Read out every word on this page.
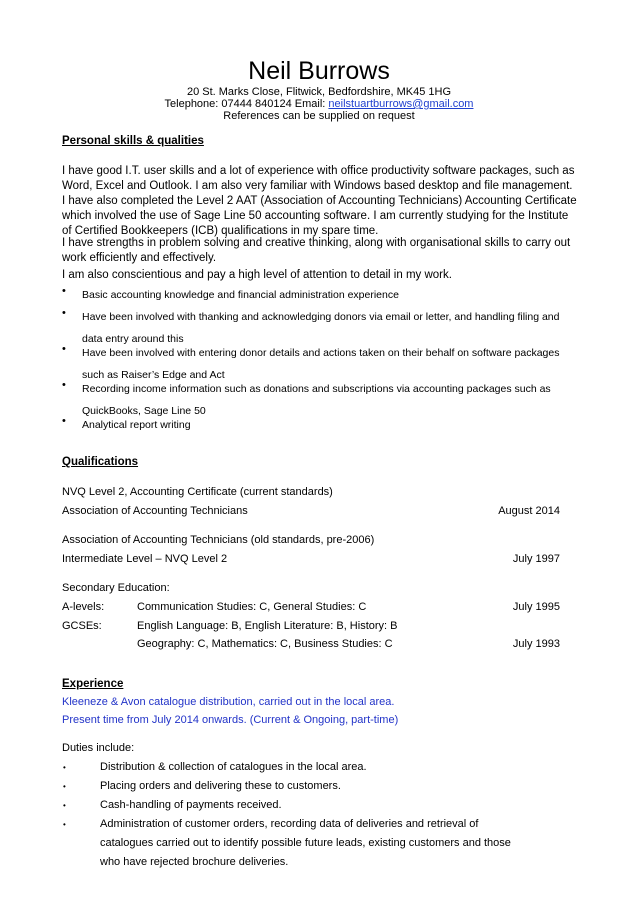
Neil Burrows
20 St. Marks Close, Flitwick, Bedfordshire, MK45 1HG
Telephone: 07444 840124 Email: neilstuartburrows@gmail.com
References can be supplied on request
Personal skills & qualities
I have good I.T. user skills and a lot of experience with office productivity software packages, such as Word, Excel and Outlook. I am also very familiar with Windows based desktop and file management. I have also completed the Level 2 AAT (Association of Accounting Technicians) Accounting Certificate which involved the use of Sage Line 50 accounting software. I am currently studying for the Institute of Certified Bookkeepers (ICB) qualifications in my spare time.
I have strengths in problem solving and creative thinking, along with organisational skills to carry out work efficiently and effectively.
I am also conscientious and pay a high level of attention to detail in my work.
• Basic accounting knowledge and financial administration experience
• Have been involved with thanking and acknowledging donors via email or letter, and handling filing and data entry around this
• Have been involved with entering donor details and actions taken on their behalf on software packages such as Raiser’s Edge and Act
• Recording income information such as donations and subscriptions via accounting packages such as QuickBooks, Sage Line 50
• Analytical report writing
Qualifications
NVQ Level 2, Accounting Certificate (current standards)
Association of Accounting Technicians	August 2014
Association of Accounting Technicians (old standards, pre-2006)
Intermediate Level – NVQ Level 2	July 1997
Secondary Education:
A-levels:	Communication Studies: C, General Studies: C	July 1995
GCSEs:	English Language: B, English Literature: B, History: B
Geography: C, Mathematics: C, Business Studies: C	July 1993
Experience
Kleeneze & Avon catalogue distribution, carried out in the local area.
Present time from July 2014 onwards. (Current & Ongoing, part-time)
Duties include:
•	Distribution & collection of catalogues in the local area.
•	Placing orders and delivering these to customers.
•	Cash-handling of payments received.
•	Administration of customer orders, recording data of deliveries and retrieval of catalogues carried out to identify possible future leads, existing customers and those who have rejected brochure deliveries.
